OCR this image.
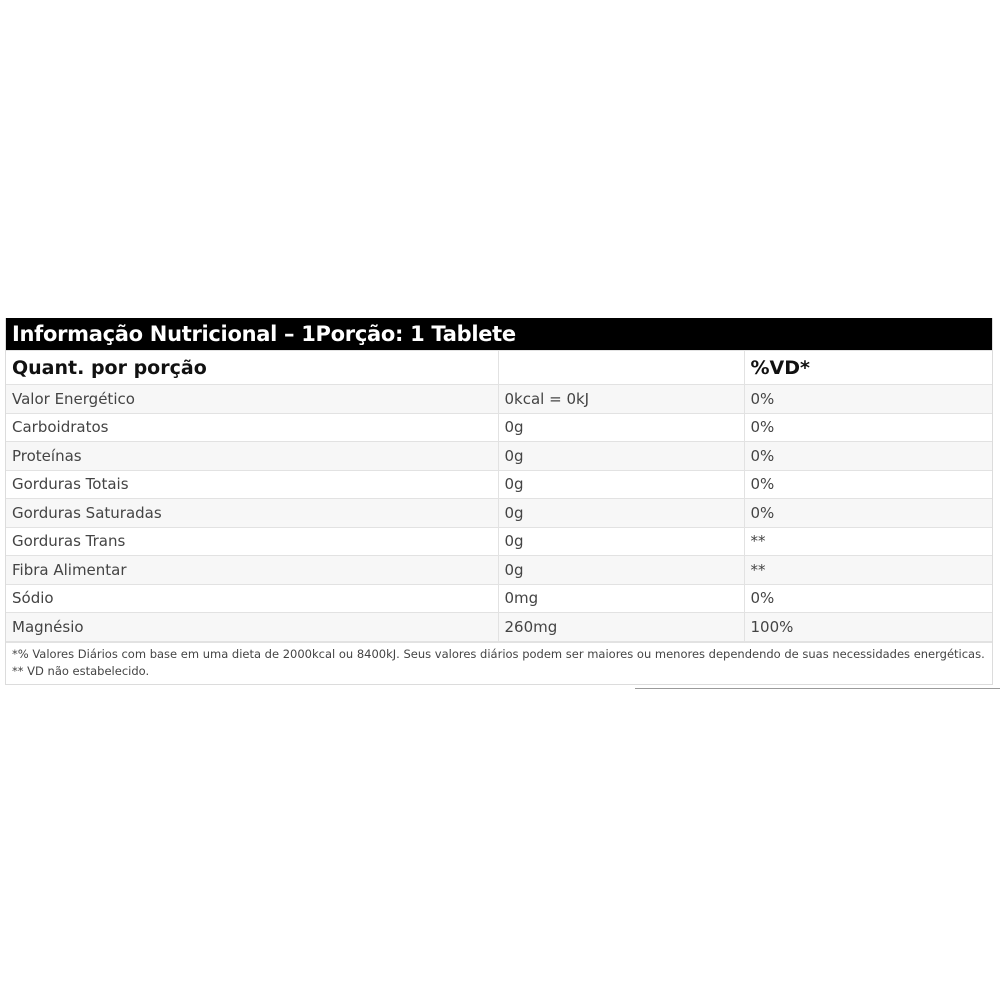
Informação Nutricional – 1Porção: 1 Tablete
Quant. por porção		%VD*
Valor Energético	0kcal = 0kJ	0%
Carboidratos	0g	0%
Proteínas	0g	0%
Gorduras Totais	0g	0%
Gorduras Saturadas	0g	0%
Gorduras Trans	0g	**
Fibra Alimentar	0g	**
Sódio	0mg	0%
Magnésio	260mg	100%
*% Valores Diários com base em uma dieta de 2000kcal ou 8400kJ. Seus valores diários podem ser maiores ou menores dependendo de suas necessidades energéticas. ** VD não estabelecido.
